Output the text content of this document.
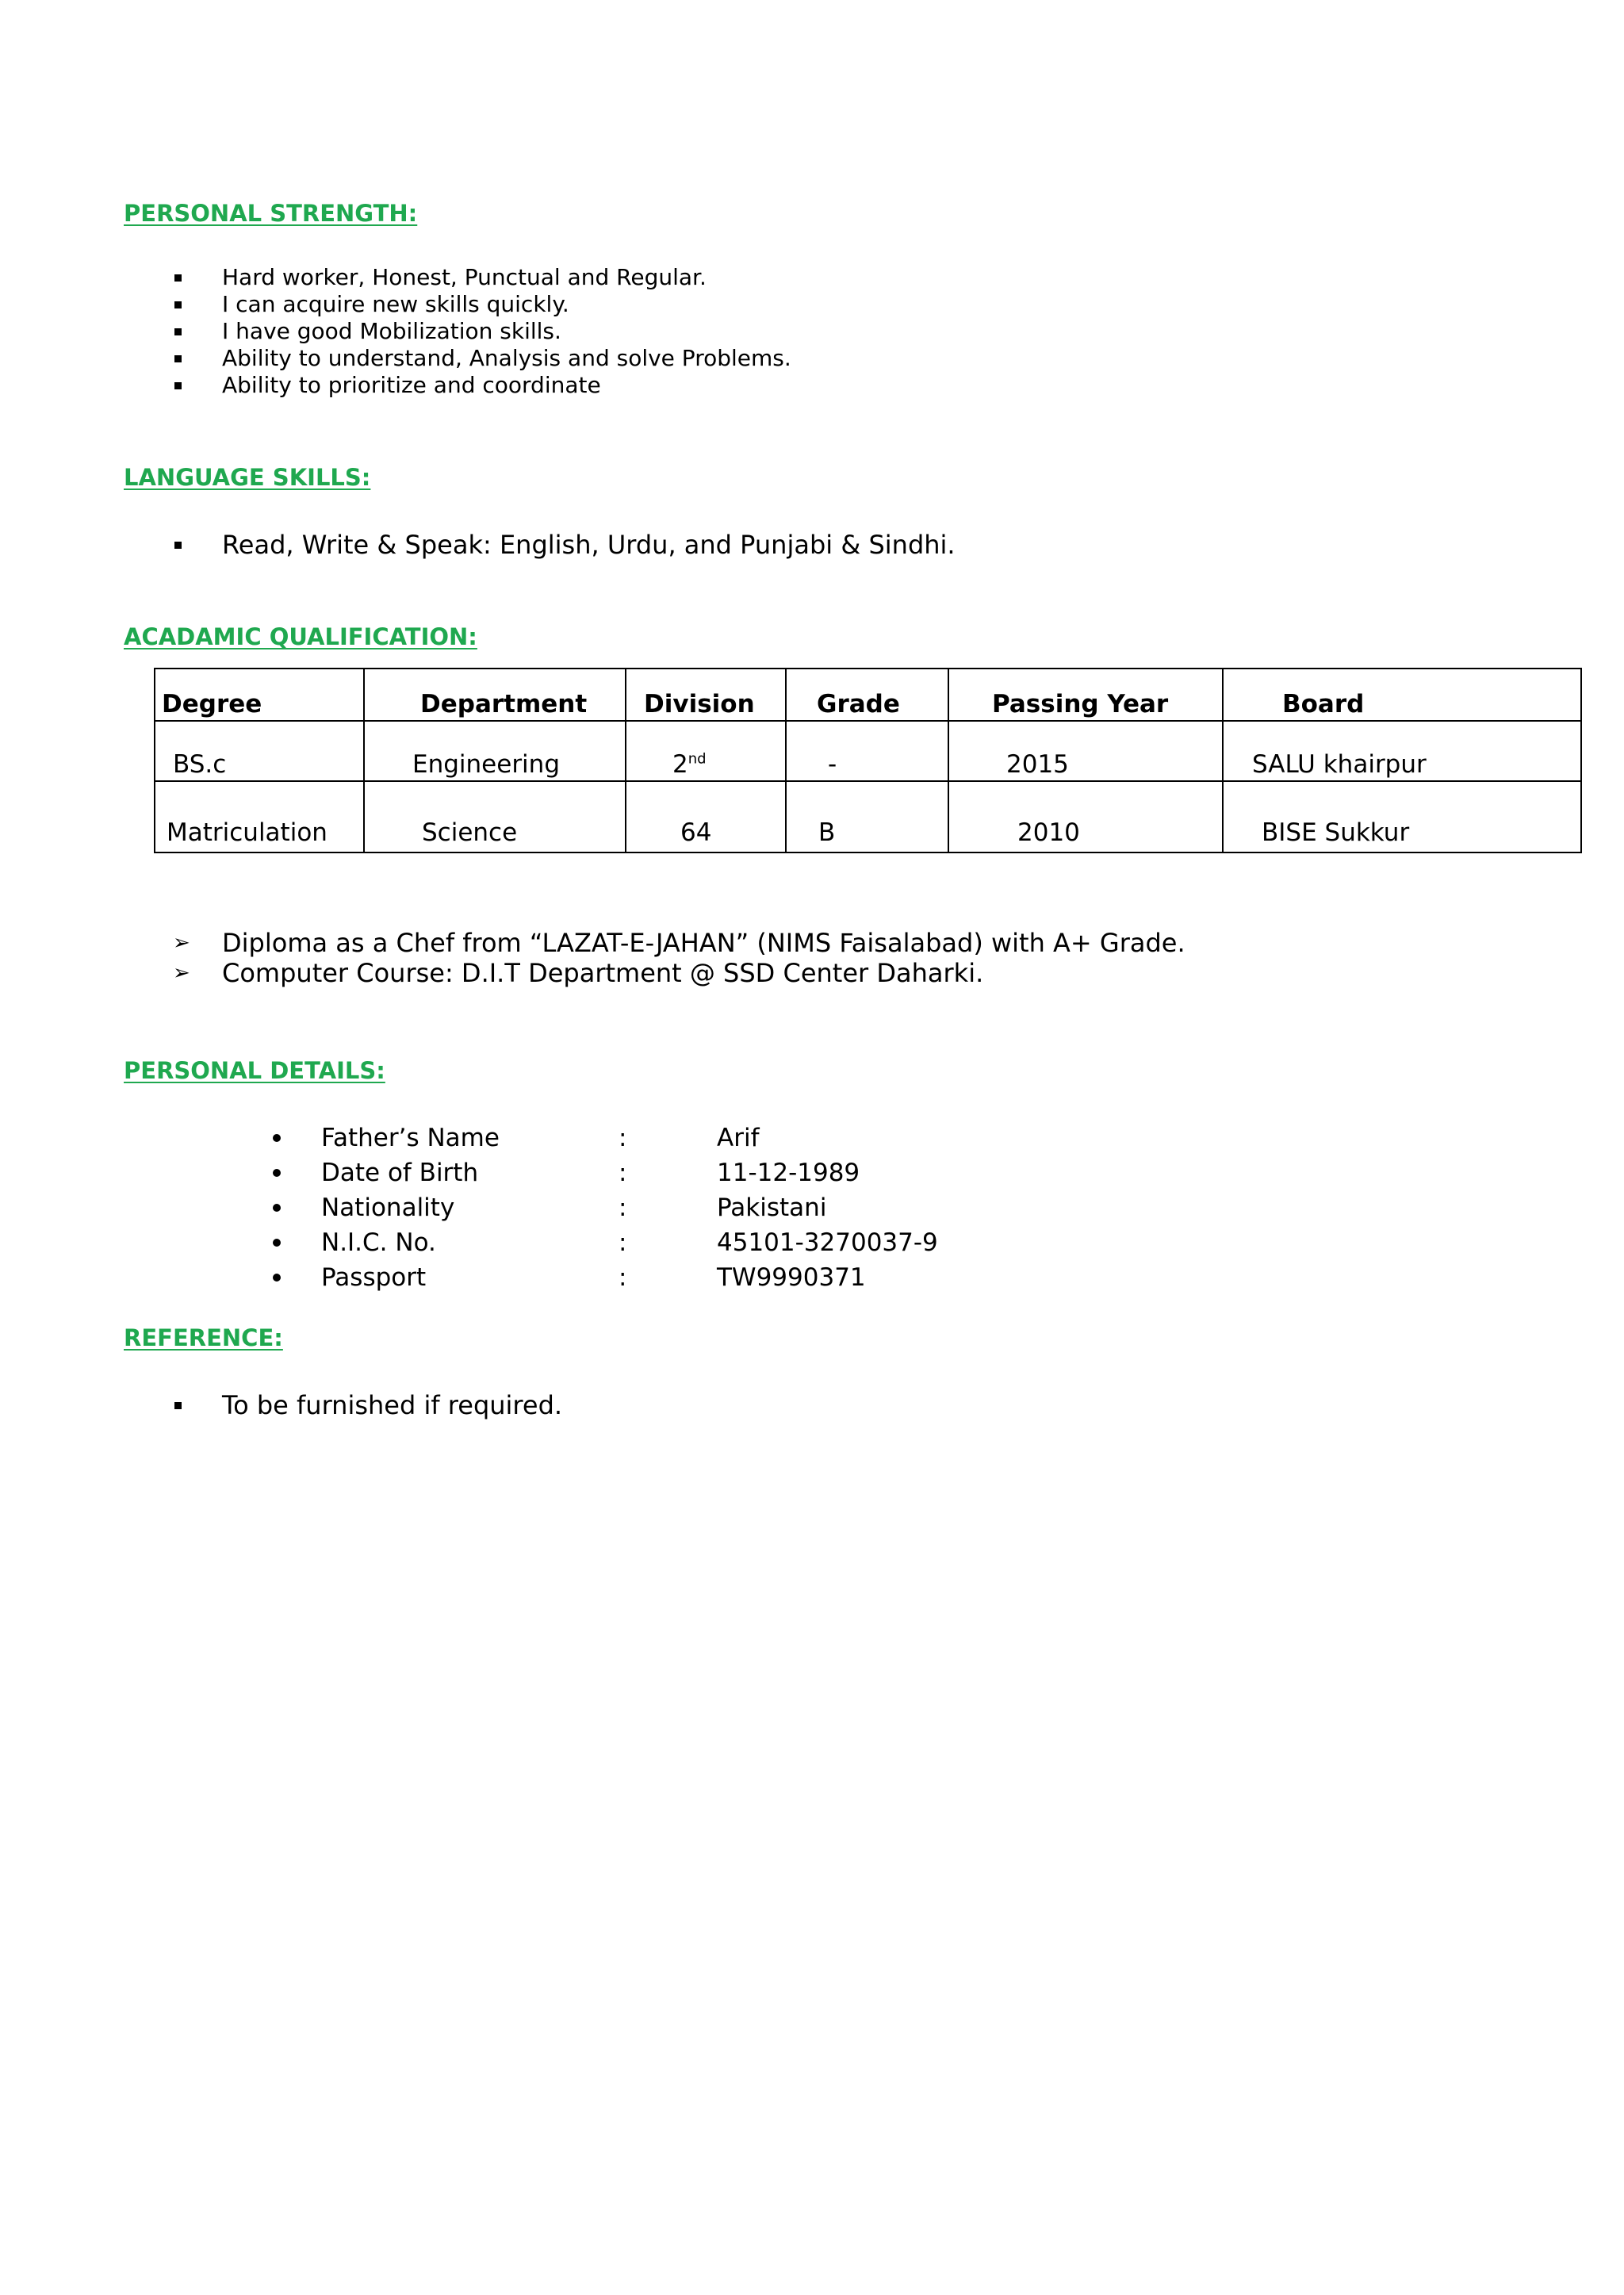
PERSONAL STRENGTH:
Hard worker, Honest, Punctual and Regular.
I can acquire new skills quickly.
I have good Mobilization skills.
Ability to understand, Analysis and solve Problems.
Ability to prioritize and coordinate
LANGUAGE SKILLS:
Read, Write & Speak: English, Urdu, and Punjabi & Sindhi.
ACADAMIC QUALIFICATION:
Degree	Department	Division	Grade	Passing Year	Board
BS.c	Engineering	2nd	-	2015	SALU khairpur
Matriculation	Science	64	B	2010	BISE Sukkur
➢ Diploma as a Chef from “LAZAT-E-JAHAN” (NIMS Faisalabad) with A+ Grade.
➢ Computer Course: D.I.T Department @ SSD Center Daharki.
PERSONAL DETAILS:
Father’s Name	:	Arif
Date of Birth	:	11-12-1989
Nationality	:	Pakistani
N.I.C. No.	:	45101-3270037-9
Passport	:	TW9990371
REFERENCE:
To be furnished if required.
